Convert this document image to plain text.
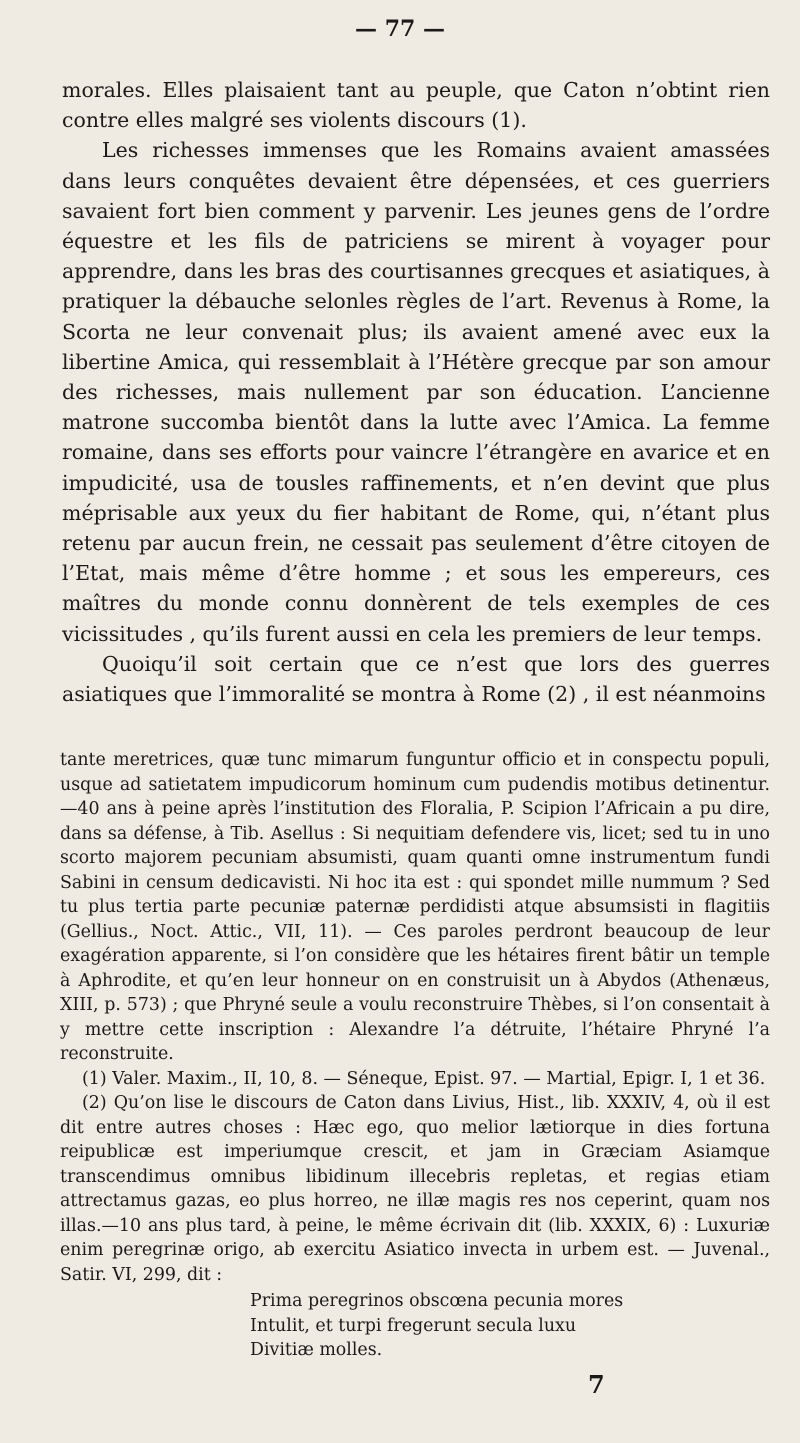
— 77 —

morales. Elles plaisaient tant au peuple, que Caton n’obtint rien contre elles malgré ses violents discours (1).

Les richesses immenses que les Romains avaient amassées dans leurs conquêtes devaient être dépensées, et ces guerriers savaient fort bien comment y parvenir. Les jeunes gens de l’ordre équestre et les fils de patriciens se mirent à voyager pour apprendre, dans les bras des courtisannes grecques et asiatiques, à pratiquer la débauche selonles règles de l’art. Revenus à Rome, la Scorta ne leur convenait plus; ils avaient amené avec eux la libertine Amica, qui ressemblait à l’Hétère grecque par son amour des richesses, mais nullement par son éducation. L’ancienne matrone succomba bientôt dans la lutte avec l’Amica. La femme romaine, dans ses efforts pour vaincre l’étrangère en avarice et en impudicité, usa de tousles raffinements, et n’en devint que plus méprisable aux yeux du fier habitant de Rome, qui, n’étant plus retenu par aucun frein, ne cessait pas seulement d’être citoyen de l’Etat, mais même d’être homme ; et sous les empereurs, ces maîtres du monde connu donnèrent de tels exemples de ces vicissitudes , qu’ils furent aussi en cela les premiers de leur temps.

Quoiqu’il soit certain que ce n’est que lors des guerres asiatiques que l’immoralité se montra à Rome (2) , il est néanmoins

tante meretrices, quæ tunc mimarum funguntur officio et in conspectu populi, usque ad satietatem impudicorum hominum cum pudendis motibus detinentur.—40 ans à peine après l’institution des Floralia, P. Scipion l’Africain a pu dire, dans sa défense, à Tib. Asellus : Si nequitiam defendere vis, licet; sed tu in uno scorto majorem pecuniam absumisti, quam quanti omne instrumentum fundi Sabini in censum dedicavisti. Ni hoc ita est : qui spondet mille nummum ? Sed tu plus tertia parte pecuniæ paternæ perdidisti atque absumsisti in flagitiis (Gellius., Noct. Attic., VII, 11). — Ces paroles perdront beaucoup de leur exagération apparente, si l’on considère que les hétaires firent bâtir un temple à Aphrodite, et qu’en leur honneur on en construisit un à Abydos (Athenæus, XIII, p. 573) ; que Phryné seule a voulu reconstruire Thèbes, si l’on consentait à y mettre cette inscription : Alexandre l’a détruite, l’hétaire Phryné l’a reconstruite.

(1) Valer. Maxim., II, 10, 8. — Séneque, Epist. 97. — Martial, Epigr. I, 1 et 36.

(2) Qu’on lise le discours de Caton dans Livius, Hist., lib. XXXIV, 4, où il est dit entre autres choses : Hæc ego, quo melior lætiorque in dies fortuna reipublicæ est imperiumque crescit, et jam in Græciam Asiamque transcendimus omnibus libidinum illecebris repletas, et regias etiam attrectamus gazas, eo plus horreo, ne illæ magis res nos ceperint, quam nos illas.—10 ans plus tard, à peine, le même écrivain dit (lib. XXXIX, 6) : Luxuriæ enim peregrinæ origo, ab exercitu Asiatico invecta in urbem est. — Juvenal., Satir. VI, 299, dit :

Prima peregrinos obscœna pecunia mores
Intulit, et turpi fregerunt secula luxu
Divitiæ molles.
7
